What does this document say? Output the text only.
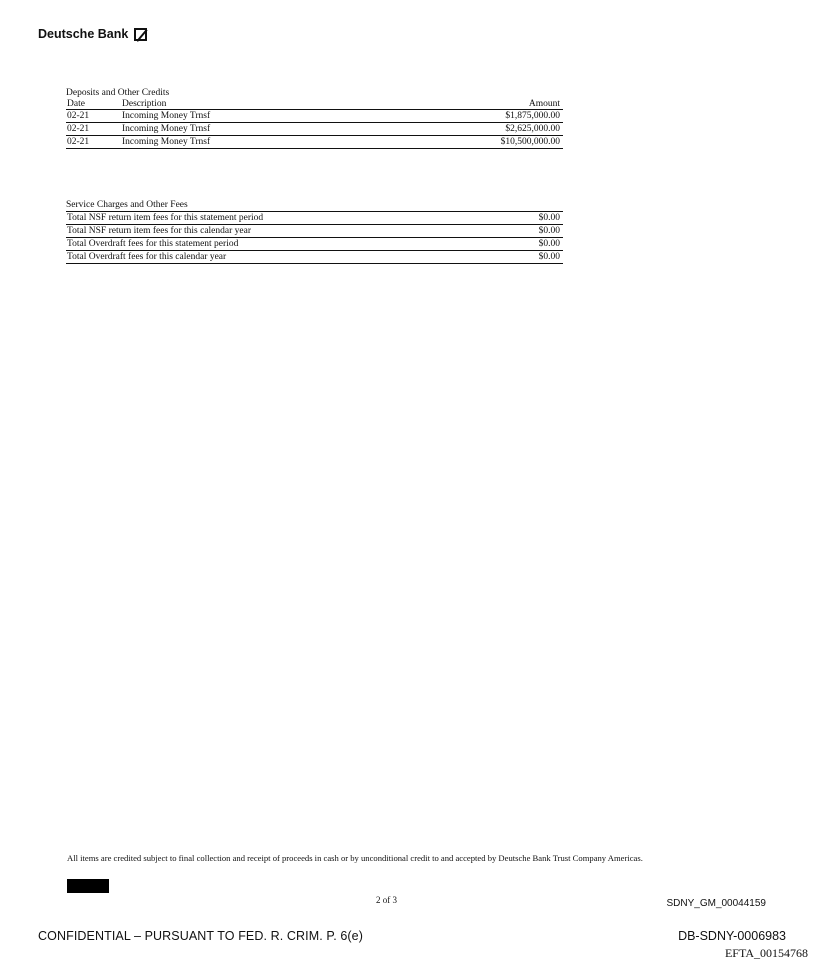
Deutsche Bank
Deposits and Other Credits
Date	Description	Amount
02-21	Incoming Money Trnsf	$1,875,000.00
02-21	Incoming Money Trnsf	$2,625,000.00
02-21	Incoming Money Trnsf	$10,500,000.00
Service Charges and Other Fees
Total NSF return item fees for this statement period	$0.00
Total NSF return item fees for this calendar year	$0.00
Total Overdraft fees for this statement period	$0.00
Total Overdraft fees for this calendar year	$0.00
All items are credited subject to final collection and receipt of proceeds in cash or by unconditional credit to and accepted by Deutsche Bank Trust Company Americas.
2 of 3	SDNY_GM_00044159
CONFIDENTIAL – PURSUANT TO FED. R. CRIM. P. 6(e)	DB-SDNY-0006983
EFTA_00154768
